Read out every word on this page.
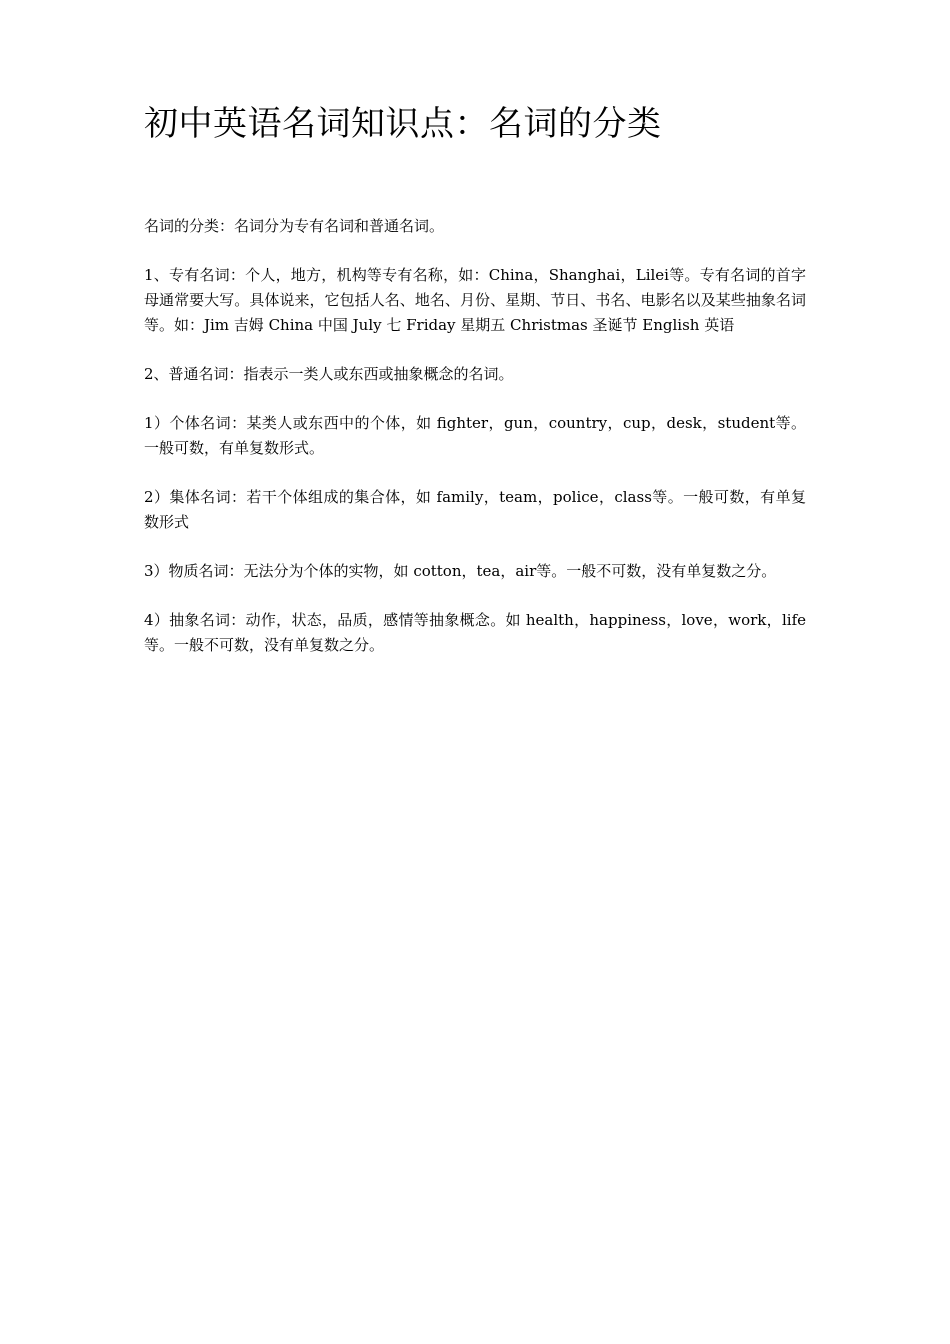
初中英语名词知识点：名词的分类

名词的分类：名词分为专有名词和普通名词。

1、专有名词：个人，地方，机构等专有名称，如：China，Shanghai，Lilei等。专有名词的首字母通常要大写。具体说来，它包括人名、地名、月份、星期、节日、书名、电影名以及某些抽象名词等。如：Jim 吉姆 China 中国 July 七 Friday 星期五 Christmas 圣诞节 English 英语

2、普通名词：指表示一类人或东西或抽象概念的名词。

1）个体名词：某类人或东西中的个体，如 fighter，gun，country，cup，desk，student等。一般可数，有单复数形式。

2）集体名词：若干个体组成的集合体，如 family，team，police，class等。一般可数，有单复数形式

3）物质名词：无法分为个体的实物，如 cotton，tea，air等。一般不可数，没有单复数之分。

4）抽象名词：动作，状态，品质，感情等抽象概念。如 health，happiness，love，work，life等。一般不可数，没有单复数之分。
